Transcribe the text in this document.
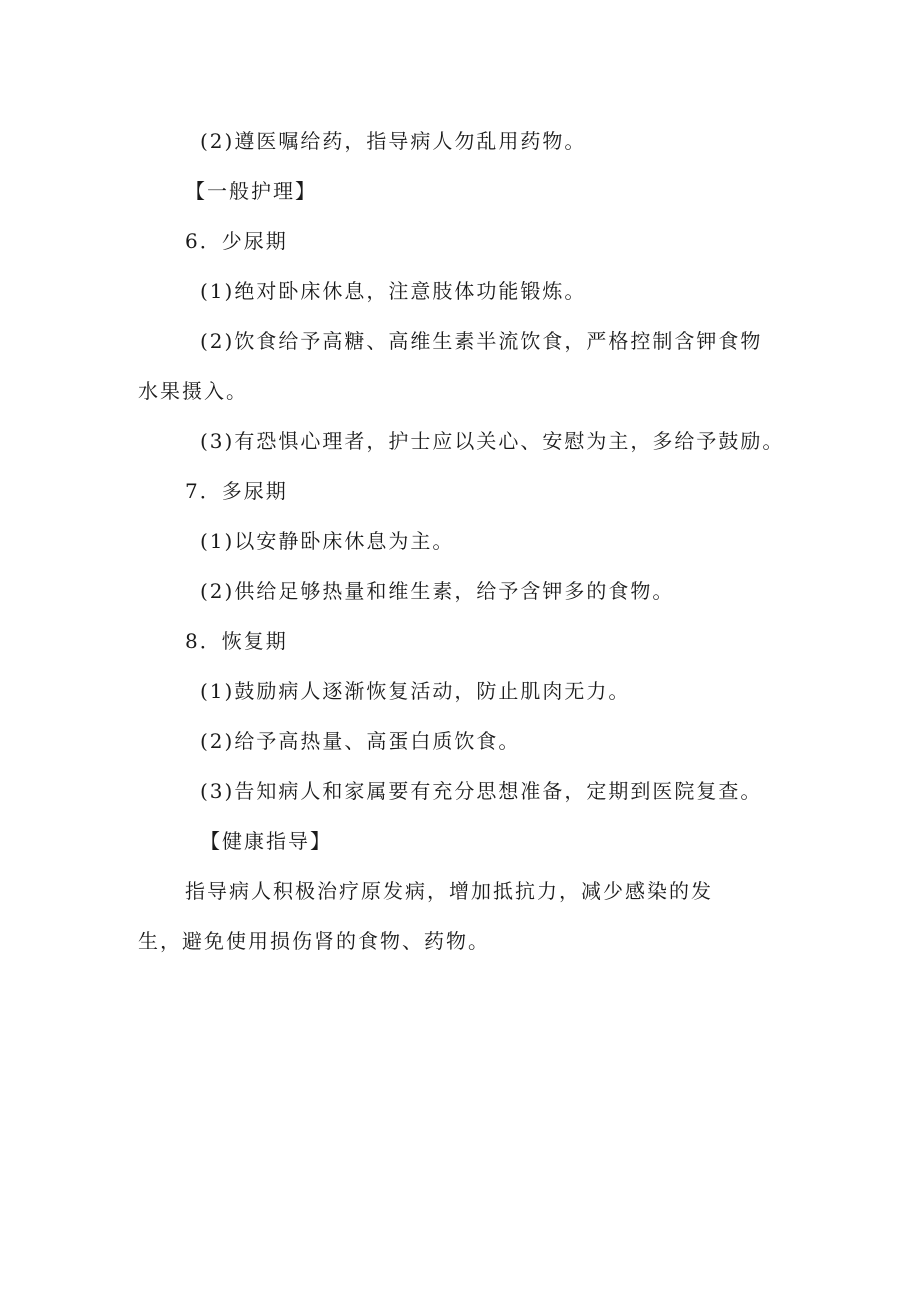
(2)遵医嘱给药，指导病人勿乱用药物。
【一般护理】
6．少尿期
(1)绝对卧床休息，注意肢体功能锻炼。
(2)饮食给予高糖、高维生素半流饮食，严格控制含钾食物
水果摄入。
(3)有恐惧心理者，护士应以关心、安慰为主，多给予鼓励。
7．多尿期
(1)以安静卧床休息为主。
(2)供给足够热量和维生素，给予含钾多的食物。
8．恢复期
(1)鼓励病人逐渐恢复活动，防止肌肉无力。
(2)给予高热量、高蛋白质饮食。
(3)告知病人和家属要有充分思想准备，定期到医院复查。
【健康指导】
指导病人积极治疗原发病，增加抵抗力，减少感染的发
生，避免使用损伤肾的食物、药物。
